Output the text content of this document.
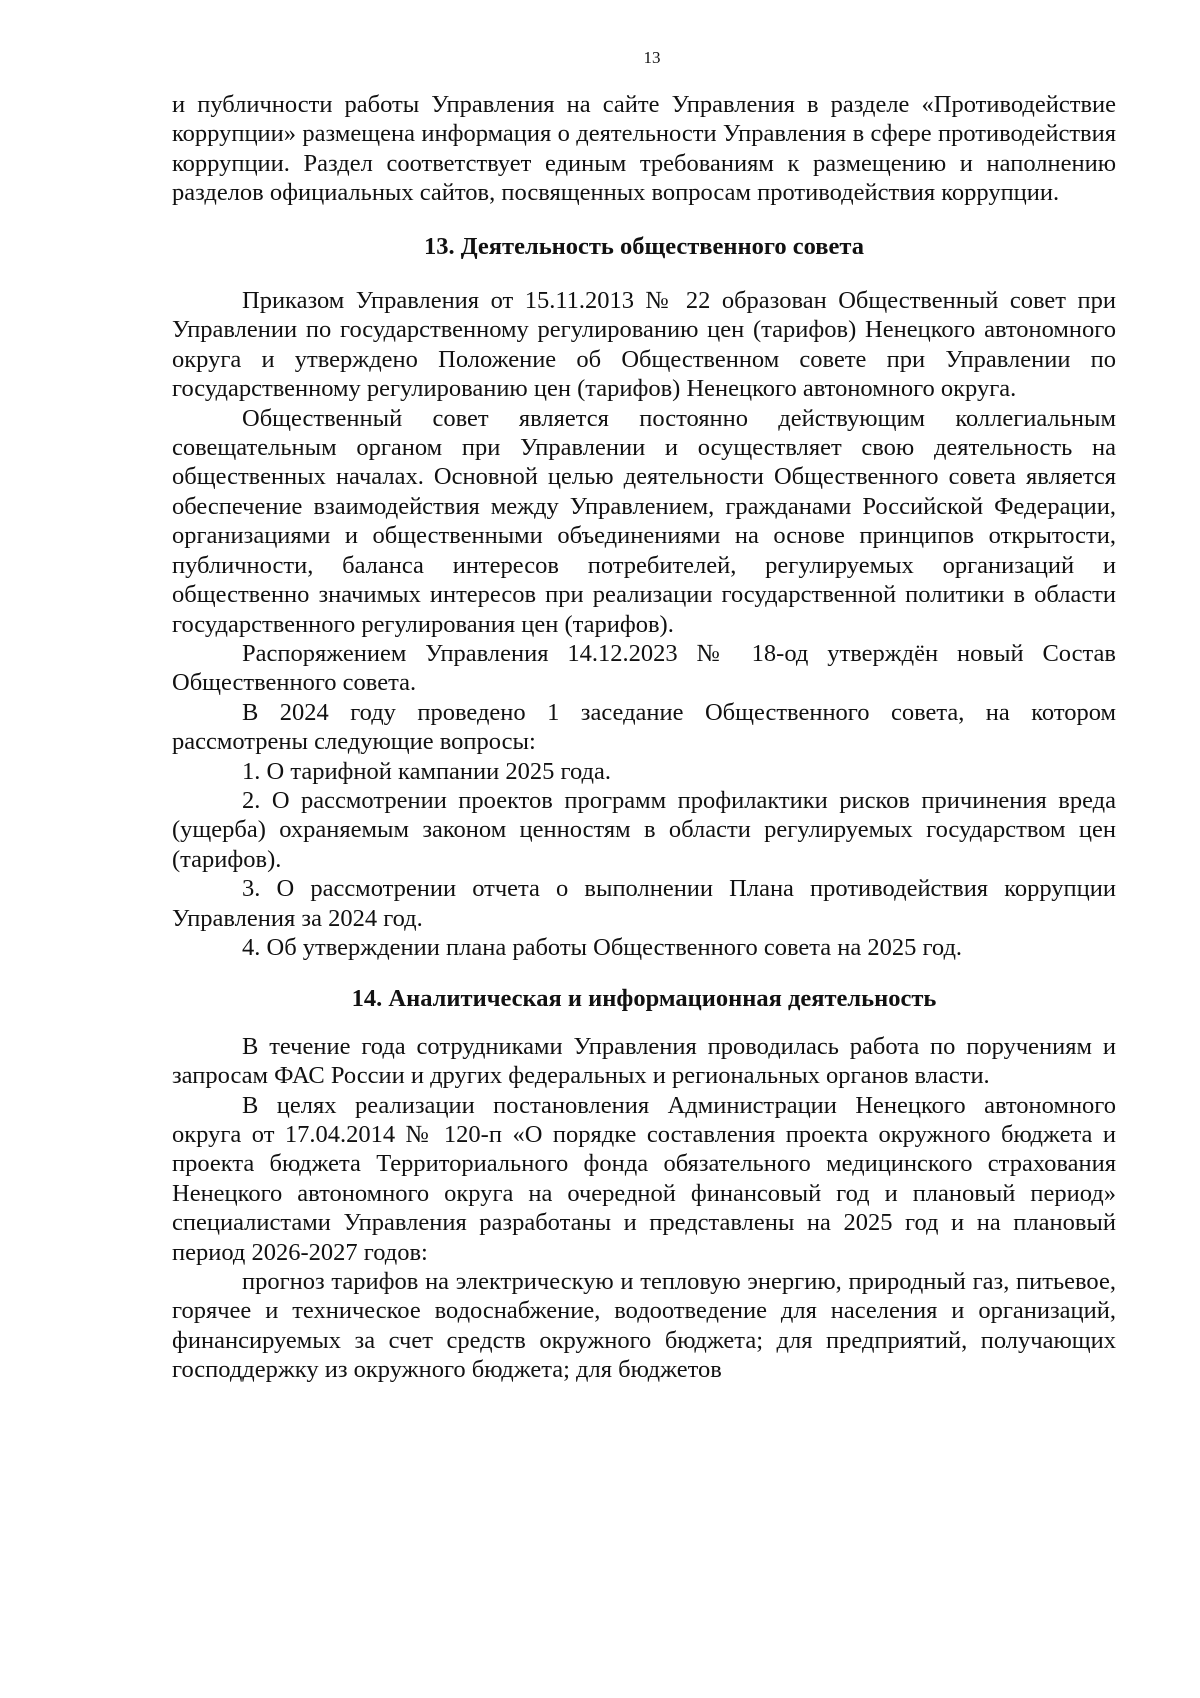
13

и публичности работы Управления на сайте Управления в разделе «Противодействие коррупции» размещена информация о деятельности Управления в сфере противодействия коррупции. Раздел соответствует единым требованиям к размещению и наполнению разделов официальных сайтов, посвященных вопросам противодействия коррупции.

13. Деятельность общественного совета

Приказом Управления от 15.11.2013 № 22 образован Общественный совет при Управлении по государственному регулированию цен (тарифов) Ненецкого автономного округа и утверждено Положение об Общественном совете при Управлении по государственному регулированию цен (тарифов) Ненецкого автономного округа.

Общественный совет является постоянно действующим коллегиальным совещательным органом при Управлении и осуществляет свою деятельность на общественных началах. Основной целью деятельности Общественного совета является обеспечение взаимодействия между Управлением, гражданами Российской Федерации, организациями и общественными объединениями на основе принципов открытости, публичности, баланса интересов потребителей, регулируемых организаций и общественно значимых интересов при реализации государственной политики в области государственного регулирования цен (тарифов).

Распоряжением Управления 14.12.2023 № 18-од утверждён новый Состав Общественного совета.

В 2024 году проведено 1 заседание Общественного совета, на котором рассмотрены следующие вопросы:

1. О тарифной кампании 2025 года.

2. О рассмотрении проектов программ профилактики рисков причинения вреда (ущерба) охраняемым законом ценностям в области регулируемых государством цен (тарифов).

3. О рассмотрении отчета о выполнении Плана противодействия коррупции Управления за 2024 год.

4. Об утверждении плана работы Общественного совета на 2025 год.

14. Аналитическая и информационная деятельность

В течение года сотрудниками Управления проводилась работа по поручениям и запросам ФАС России и других федеральных и региональных органов власти.

В целях реализации постановления Администрации Ненецкого автономного округа от 17.04.2014 № 120-п «О порядке составления проекта окружного бюджета и проекта бюджета Территориального фонда обязательного медицинского страхования Ненецкого автономного округа на очередной финансовый год и плановый период» специалистами Управления разработаны и представлены на 2025 год и на плановый период 2026-2027 годов:

прогноз тарифов на электрическую и тепловую энергию, природный газ, питьевое, горячее и техническое водоснабжение, водоотведение для населения и организаций, финансируемых за счет средств окружного бюджета; для предприятий, получающих господдержку из окружного бюджета; для бюджетов
